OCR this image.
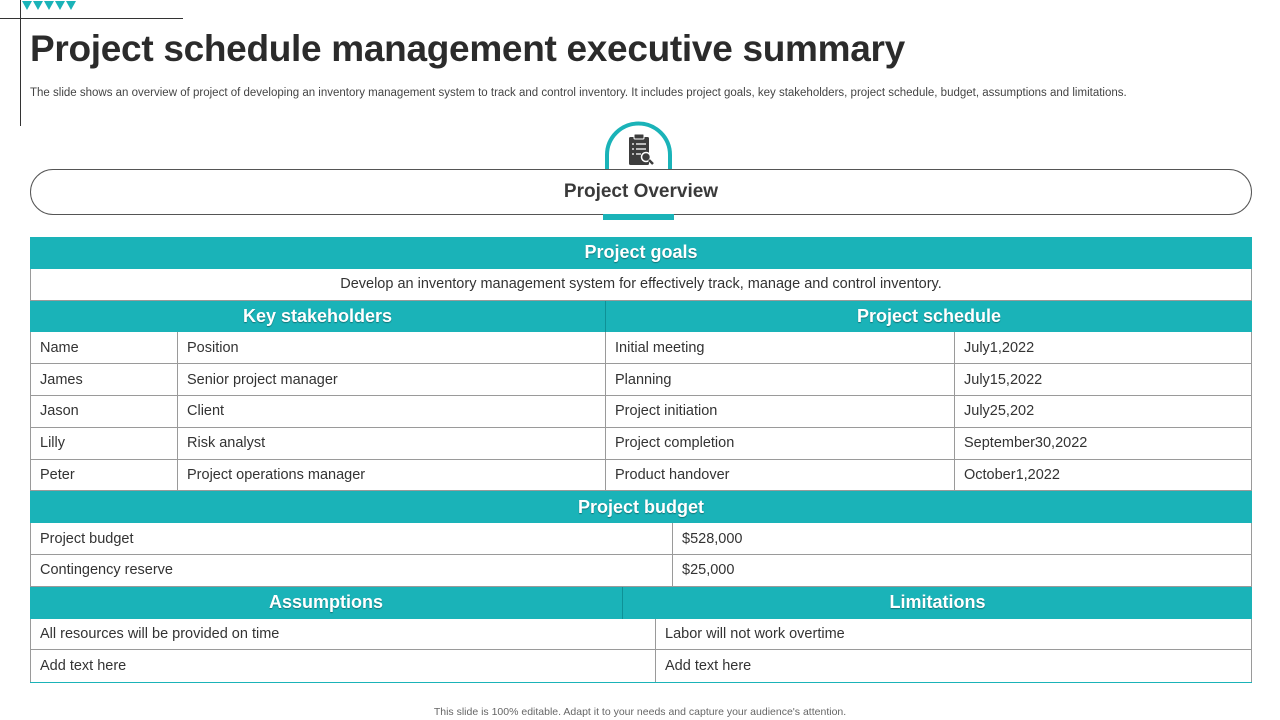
Project schedule management executive summary

The slide shows an overview of project of developing an inventory management system to track and control inventory. It includes project goals, key stakeholders, project schedule, budget, assumptions and limitations.

Project Overview
Project goals
Develop an inventory management system for effectively track, manage and control inventory.
Key stakeholders	Project schedule
Name	Position	Initial meeting	July1,2022
James	Senior project manager	Planning	July15,2022
Jason	Client	Project initiation	July25,202
Lilly	Risk analyst	Project completion	September30,2022
Peter	Project operations manager	Product handover	October1,2022
Project budget
Project budget	$528,000
Contingency reserve	$25,000
Assumptions	Limitations
All resources will be provided on time	Labor will not work overtime
Add text here	Add text here
This slide is 100% editable. Adapt it to your needs and capture your audience's attention.
